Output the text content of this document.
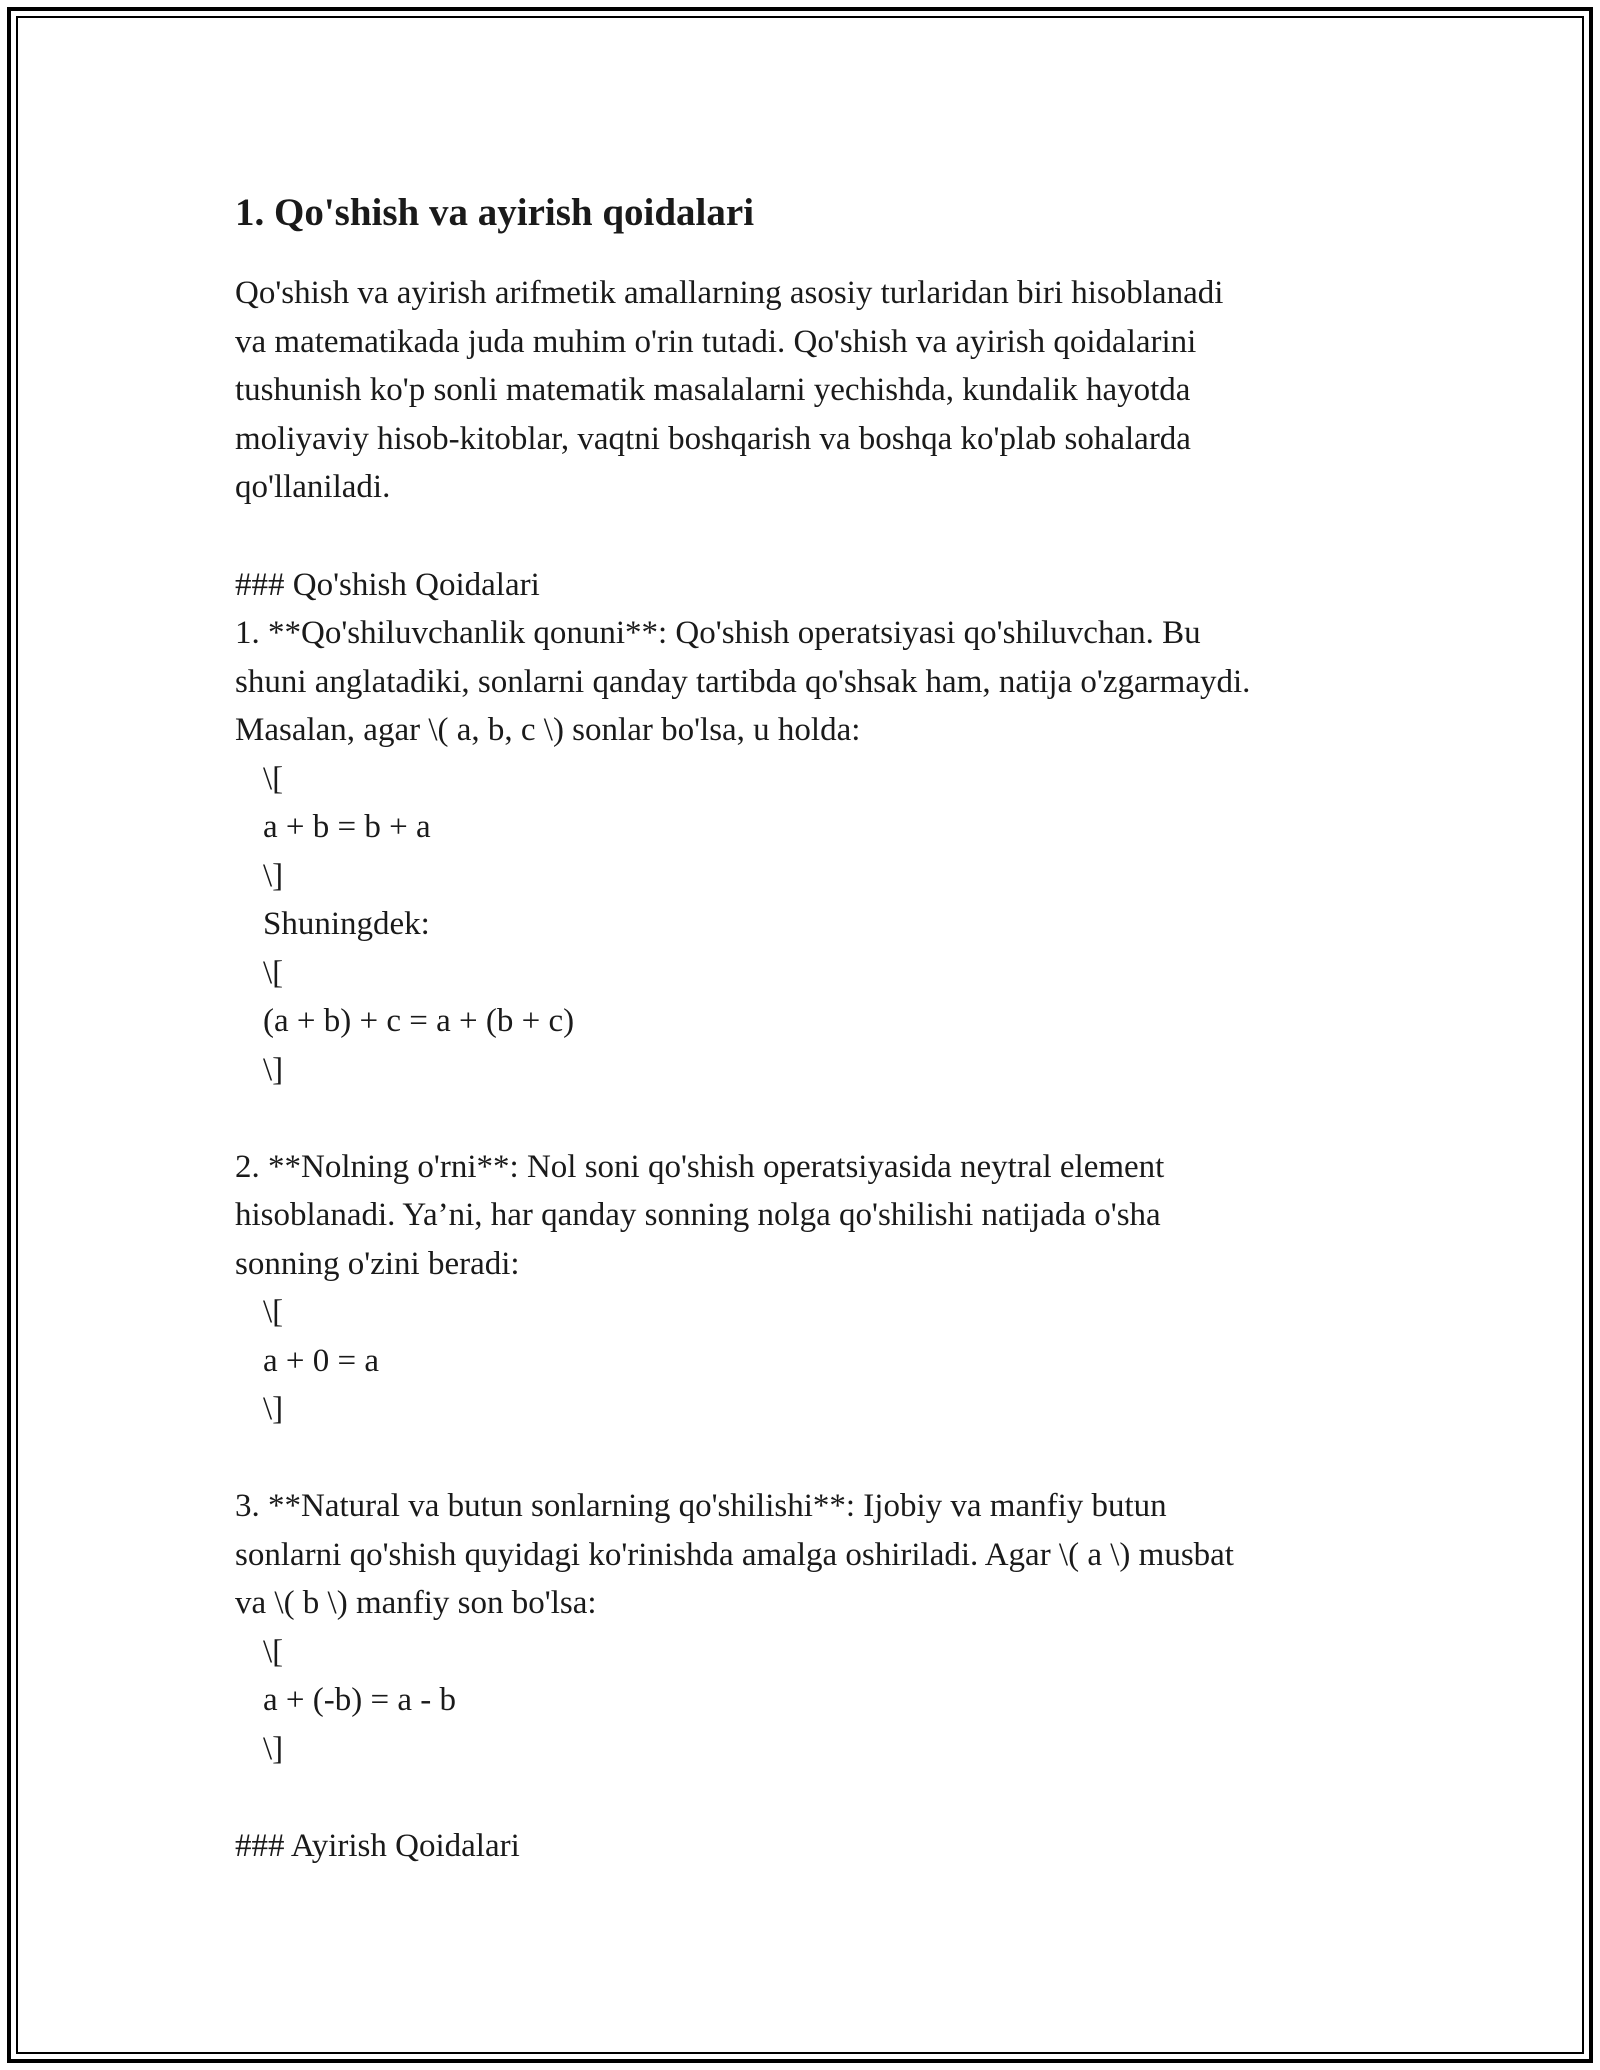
1. Qo'shish va ayirish qoidalari

Qo'shish va ayirish arifmetik amallarning asosiy turlaridan biri hisoblanadi
va matematikada juda muhim o'rin tutadi. Qo'shish va ayirish qoidalarini
tushunish ko'p sonli matematik masalalarni yechishda, kundalik hayotda
moliyaviy hisob-kitoblar, vaqtni boshqarish va boshqa ko'plab sohalarda
qo'llaniladi.

### Qo'shish Qoidalari
1. **Qo'shiluvchanlik qonuni**: Qo'shish operatsiyasi qo'shiluvchan. Bu
shuni anglatadiki, sonlarni qanday tartibda qo'shsak ham, natija o'zgarmaydi.
Masalan, agar \( a, b, c \) sonlar bo'lsa, u holda:
\[
a + b = b + a
\]
Shuningdek:
\[
(a + b) + c = a + (b + c)
\]
2. **Nolning o'rni**: Nol soni qo'shish operatsiyasida neytral element
hisoblanadi. Ya’ni, har qanday sonning nolga qo'shilishi natijada o'sha
sonning o'zini beradi:
\[
a + 0 = a
\]
3. **Natural va butun sonlarning qo'shilishi**: Ijobiy va manfiy butun
sonlarni qo'shish quyidagi ko'rinishda amalga oshiriladi. Agar \( a \) musbat
va \( b \) manfiy son bo'lsa:
\[
a + (-b) = a - b
\]
### Ayirish Qoidalari
